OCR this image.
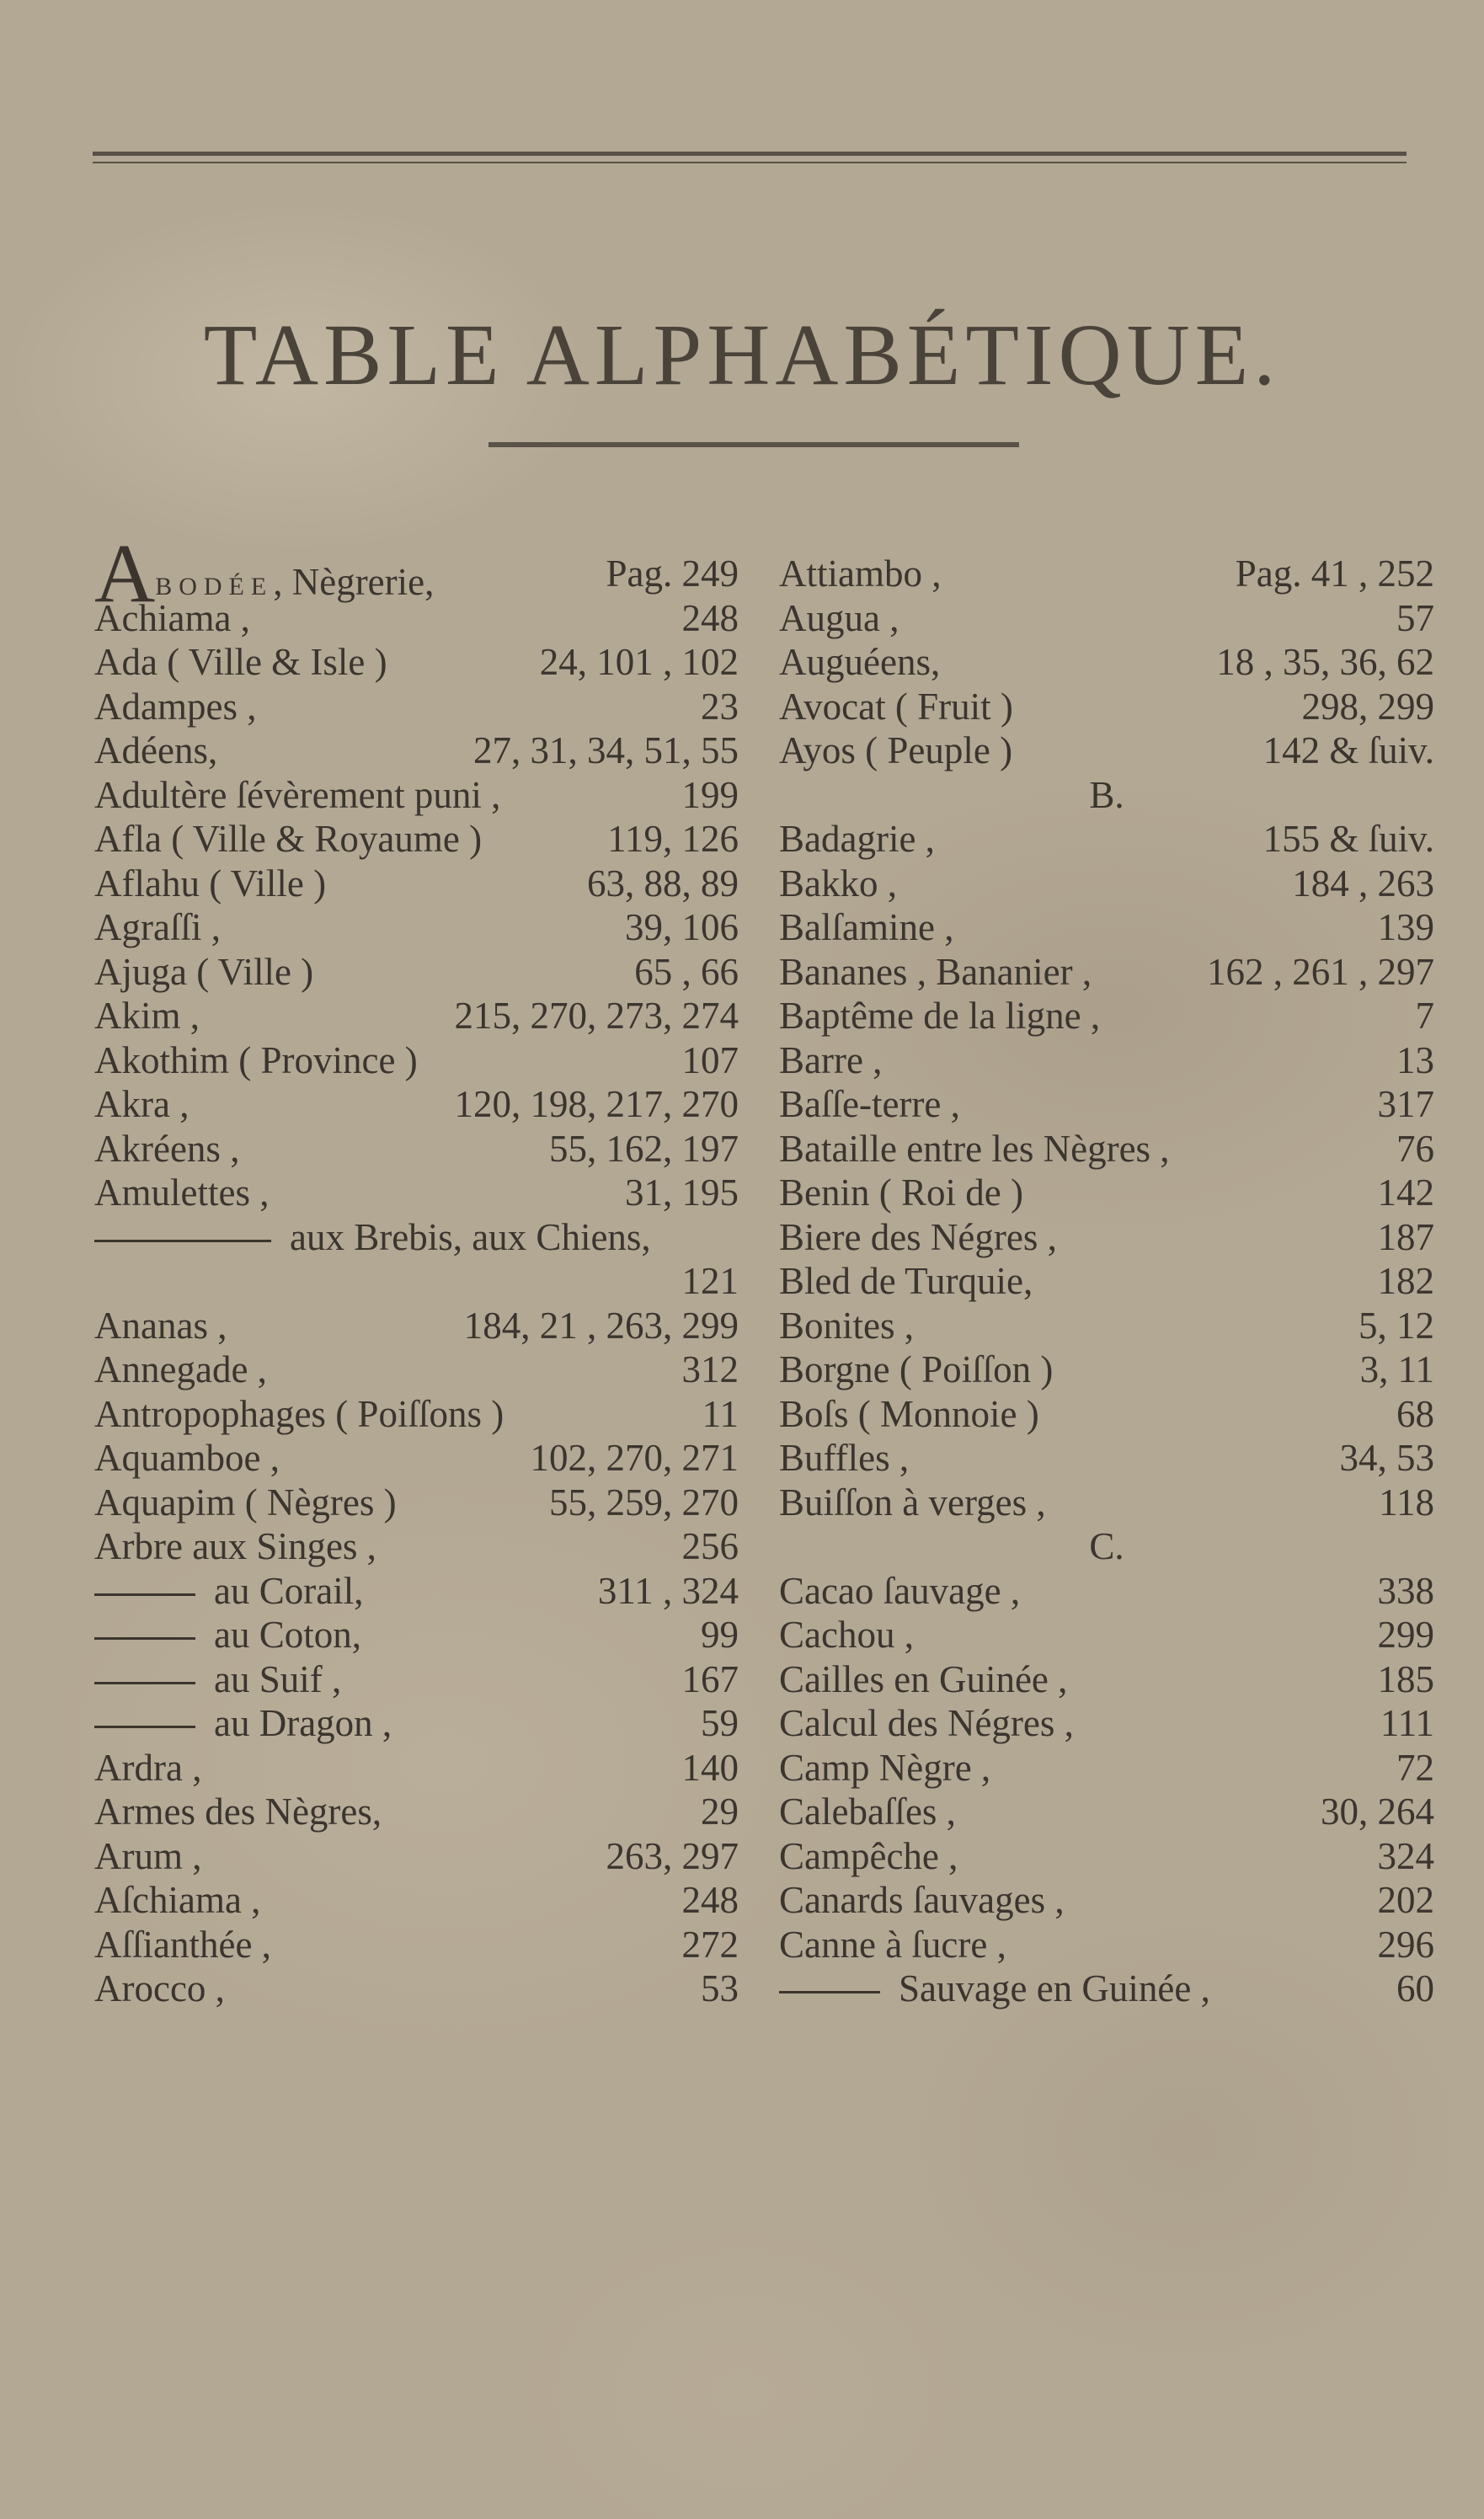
TABLE ALPHABÉTIQUE.
ABODÉE, Nègrerie,	Pag. 249
Achiama ,	248
Ada ( Ville & Isle )	24, 101 , 102
Adampes ,	23
Adéens,	27, 31, 34, 51, 55
Adultère ſévèrement puni ,	199
Afla ( Ville & Royaume )	119, 126
Aflahu ( Ville )	63, 88, 89
Agraſſi ,	39, 106
Ajuga ( Ville )	65 , 66
Akim ,	215, 270, 273, 274
Akothim ( Province )	107
Akra ,	120, 198, 217, 270
Akréens ,	55, 162, 197
Amulettes ,	31, 195
aux Brebis, aux Chiens,
121
Ananas ,	184, 21 , 263, 299
Annegade ,	312
Antropophages ( Poiſſons )	11
Aquamboe ,	102, 270, 271
Aquapim ( Nègres )	55, 259, 270
Arbre aux Singes ,	256
au Corail,	311 , 324
au Coton,	99
au Suif ,	167
au Dragon ,	59
Ardra ,	140
Armes des Nègres,	29
Arum ,	263, 297
Aſchiama ,	248
Aſſianthée ,	272
Arocco ,	53
Attiambo ,	Pag. 41 , 252
Augua ,	57
Auguéens,	18 , 35, 36, 62
Avocat ( Fruit )	298, 299
Ayos ( Peuple )	142 & ſuiv.
B.
Badagrie ,	155 & ſuiv.
Bakko ,	184 , 263
Balſamine ,	139
Bananes , Bananier ,	162 , 261 , 297
Baptême de la ligne ,	7
Barre ,	13
Baſſe-terre ,	317
Bataille entre les Nègres ,	76
Benin ( Roi de )	142
Biere des Négres ,	187
Bled de Turquie,	182
Bonites ,	5, 12
Borgne ( Poiſſon )	3, 11
Boſs ( Monnoie )	68
Buffles ,	34, 53
Buiſſon à verges ,	118
C.
Cacao ſauvage ,	338
Cachou ,	299
Cailles en Guinée ,	185
Calcul des Négres ,	111
Camp Nègre ,	72
Calebaſſes ,	30, 264
Campêche ,	324
Canards ſauvages ,	202
Canne à ſucre ,	296
Sauvage en Guinée ,	60
